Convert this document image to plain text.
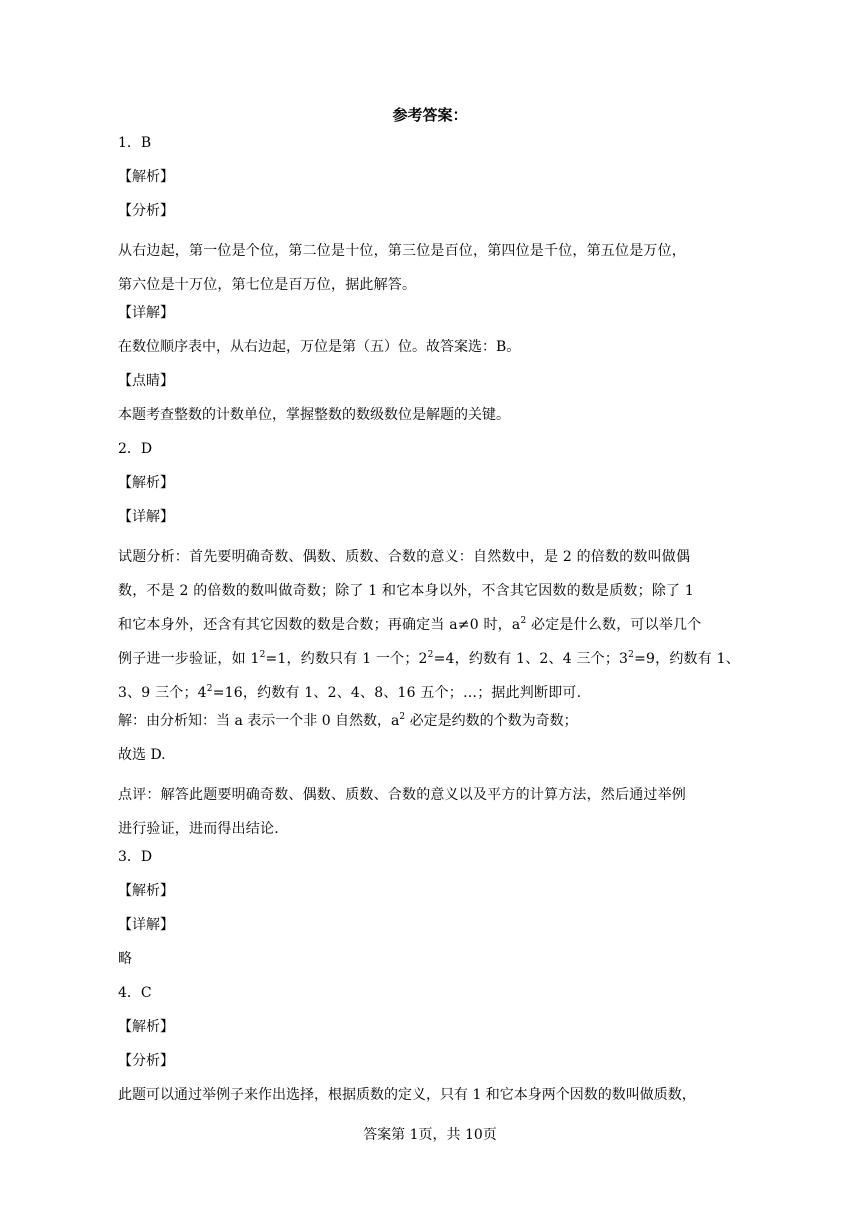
参考答案：
1．B
【解析】
【分析】
从右边起，第一位是个位，第二位是十位，第三位是百位，第四位是千位，第五位是万位，
第六位是十万位，第七位是百万位，据此解答。
【详解】
在数位顺序表中，从右边起，万位是第（五）位。故答案选：B。
【点睛】
本题考查整数的计数单位，掌握整数的数级数位是解题的关键。
2．D
【解析】
【详解】
试题分析：首先要明确奇数、偶数、质数、合数的意义：自然数中，是 2 的倍数的数叫做偶
数，不是 2 的倍数的数叫做奇数；除了 1 和它本身以外，不含其它因数的数是质数；除了 1
和它本身外，还含有其它因数的数是合数；再确定当 a≠0 时，$a^2$ 必定是什么数，可以举几个
例子进一步验证，如 $1^2=1$，约数只有 1 一个；$2^2=4$，约数有 1、2、4 三个；$3^2=9$，约数有 1、
3、9 三个；$4^2=16$，约数有 1、2、4、8、16 五个；…；据此判断即可.
解：由分析知：当 a 表示一个非 0 自然数，$a^2$ 必定是约数的个数为奇数；
故选 D.
点评：解答此题要明确奇数、偶数、质数、合数的意义以及平方的计算方法，然后通过举例
进行验证，进而得出结论.
3．D
【解析】
【详解】
略
4．C
【解析】
【分析】
此题可以通过举例子来作出选择，根据质数的定义，只有 1 和它本身两个因数的数叫做质数，
答案第 1页，共 10页
